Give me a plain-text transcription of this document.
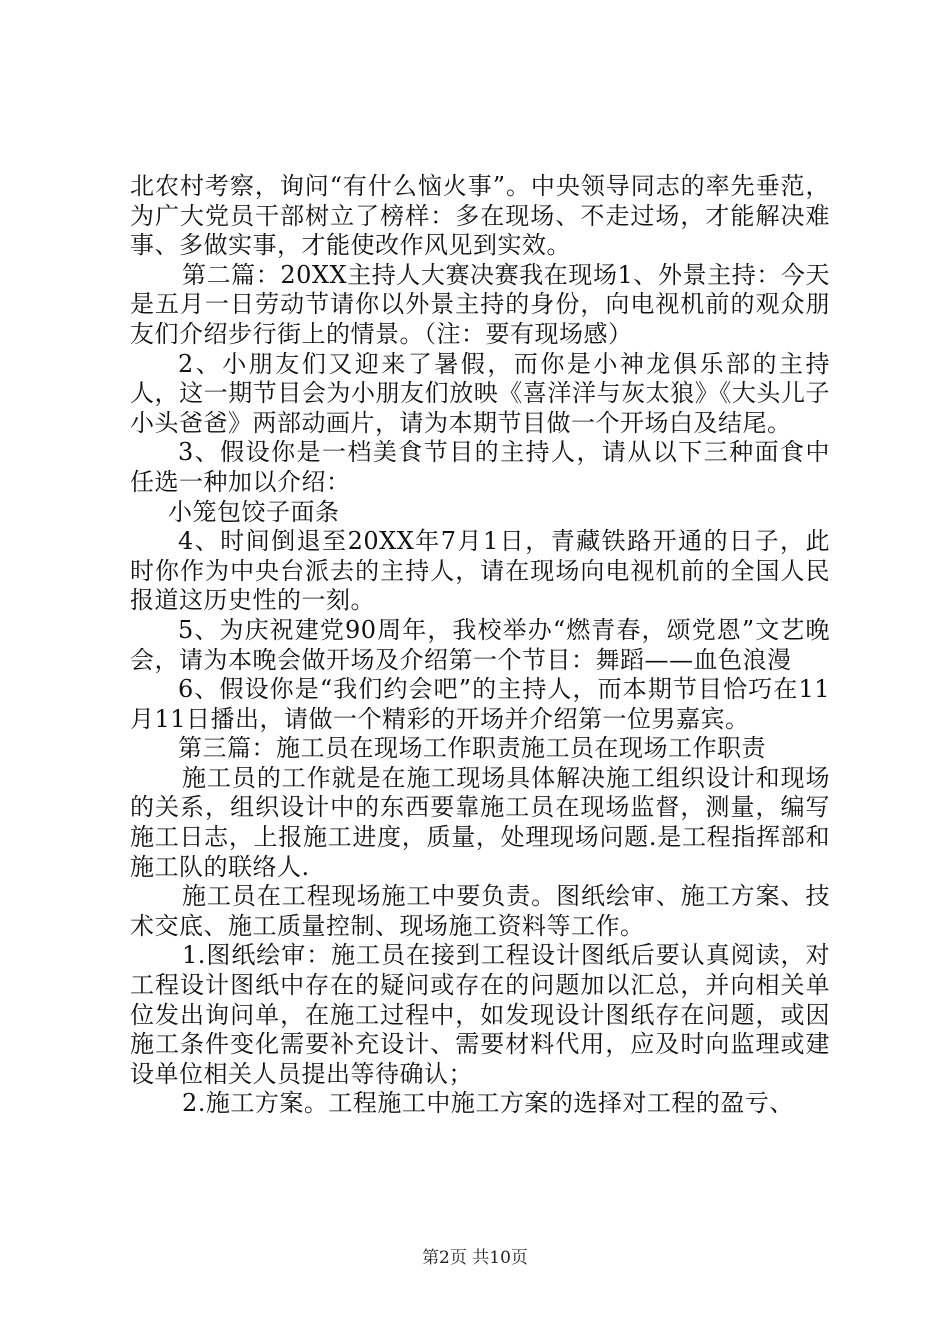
北农村考察，询问“有什么恼火事”。中央领导同志的率先垂范，为广大党员干部树立了榜样：多在现场、不走过场，才能解决难事、多做实事，才能使改作风见到实效。

第二篇：20XX主持人大赛决赛我在现场1、外景主持：今天是五月一日劳动节请你以外景主持的身份，向电视机前的观众朋友们介绍步行街上的情景。（注：要有现场感）

2、小朋友们又迎来了暑假，而你是小神龙俱乐部的主持人，这一期节目会为小朋友们放映《喜洋洋与灰太狼》《大头儿子小头爸爸》两部动画片，请为本期节目做一个开场白及结尾。

3、假设你是一档美食节目的主持人，请从以下三种面食中任选一种加以介绍：

小笼包饺子面条

4、时间倒退至20XX年7月1日，青藏铁路开通的日子，此时你作为中央台派去的主持人，请在现场向电视机前的全国人民报道这历史性的一刻。

5、为庆祝建党90周年，我校举办“燃青春，颂党恩”文艺晚会，请为本晚会做开场及介绍第一个节目：舞蹈——血色浪漫

6、假设你是“我们约会吧”的主持人，而本期节目恰巧在11月11日播出，请做一个精彩的开场并介绍第一位男嘉宾。

第三篇：施工员在现场工作职责施工员在现场工作职责

施工员的工作就是在施工现场具体解决施工组织设计和现场的关系，组织设计中的东西要靠施工员在现场监督，测量，编写施工日志，上报施工进度，质量，处理现场问题.是工程指挥部和施工队的联络人.

施工员在工程现场施工中要负责。图纸绘审、施工方案、技术交底、施工质量控制、现场施工资料等工作。

1.图纸绘审：施工员在接到工程设计图纸后要认真阅读，对工程设计图纸中存在的疑问或存在的问题加以汇总，并向相关单位发出询问单，在施工过程中，如发现设计图纸存在问题，或因施工条件变化需要补充设计、需要材料代用，应及时向监理或建设单位相关人员提出等待确认；

2.施工方案。工程施工中施工方案的选择对工程的盈亏、

第2页 共10页
